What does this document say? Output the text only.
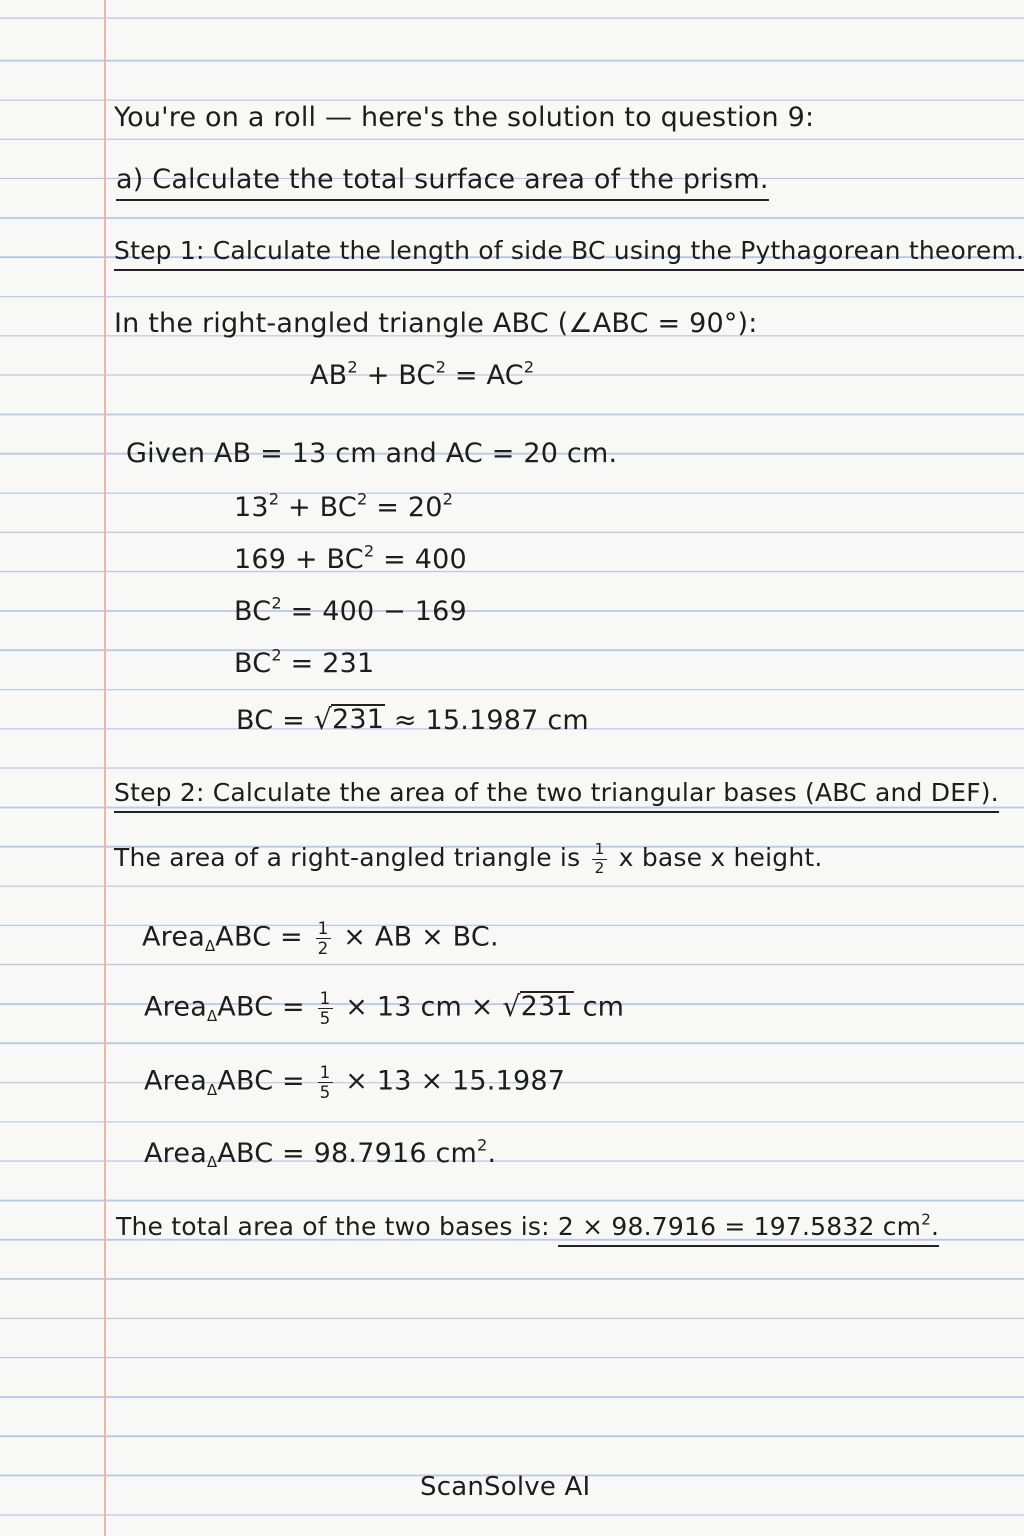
You're on a roll — here's the solution to question 9:
a) Calculate the total surface area of the prism.
Step 1: Calculate the length of side BC using the Pythagorean theorem.
In the right-angled triangle ABC (∠ABC = 90°):
$AB^2 + BC^2 = AC^2$
Given AB = 13 cm and AC = 20 cm.
$13^2 + BC^2 = 20^2$
$169 + BC^2 = 400$
$BC^2 = 400 - 169$
$BC^2 = 231$
BC = √ 231 ≈ 15.1987 cm
Step 2: Calculate the area of the two triangular bases (ABC and DEF).
The area of a right-angled triangle is $\frac{1}{2}$ x base x height.
Area$_\Delta$ABC = $\frac{1}{2}$ × AB × BC.
Area$_\Delta$ABC = $\frac{1}{5} \times 13$ cm × √ 231 cm
Area$_\Delta$ABC = $\frac{1}{5} \times 13 \times 15.1987$
Area$_\Delta$ABC = 98.7916 $cm^2$.
The total area of the two bases is: 2 × 98.7916 = 197.5832 $cm^2$.
ScanSolve AI
